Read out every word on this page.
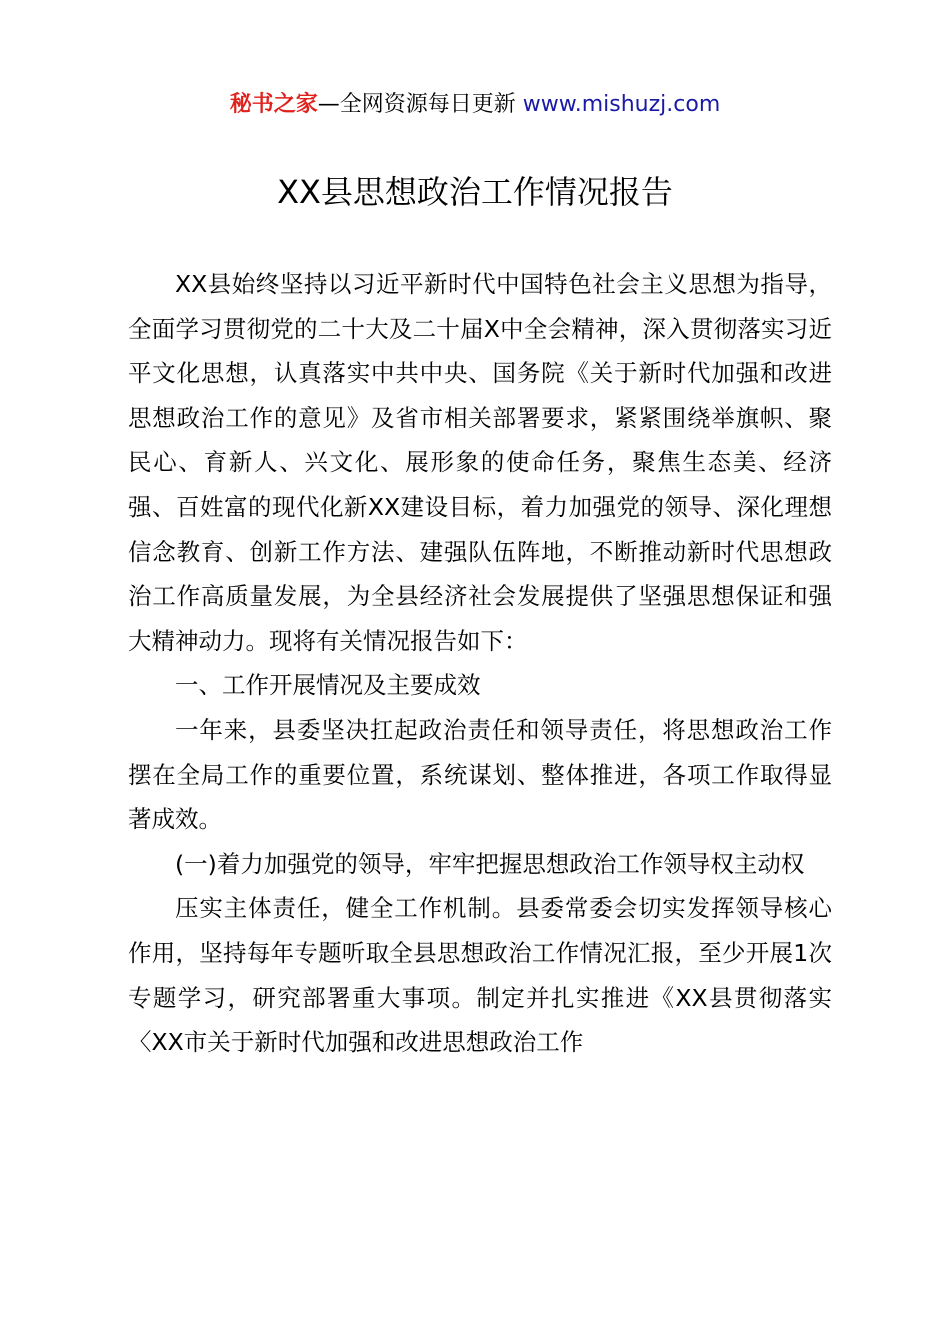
秘书之家—全网资源每日更新 www.mishuzj.com
XX县思想政治工作情况报告

XX县始终坚持以习近平新时代中国特色社会主义思想为指导，全面学习贯彻党的二十大及二十届X中全会精神，深入贯彻落实习近平文化思想，认真落实中共中央、国务院《关于新时代加强和改进思想政治工作的意见》及省市相关部署要求，紧紧围绕举旗帜、聚民心、育新人、兴文化、展形象的使命任务，聚焦生态美、经济强、百姓富的现代化新XX建设目标，着力加强党的领导、深化理想信念教育、创新工作方法、建强队伍阵地，不断推动新时代思想政治工作高质量发展，为全县经济社会发展提供了坚强思想保证和强大精神动力。现将有关情况报告如下：

一、工作开展情况及主要成效

一年来，县委坚决扛起政治责任和领导责任，将思想政治工作摆在全局工作的重要位置，系统谋划、整体推进，各项工作取得显著成效。

(一)着力加强党的领导，牢牢把握思想政治工作领导权主动权

压实主体责任，健全工作机制。县委常委会切实发挥领导核心作用，坚持每年专题听取全县思想政治工作情况汇报，至少开展1次专题学习，研究部署重大事项。制定并扎实推进《XX县贯彻落实〈XX市关于新时代加强和改进思想政治工作
